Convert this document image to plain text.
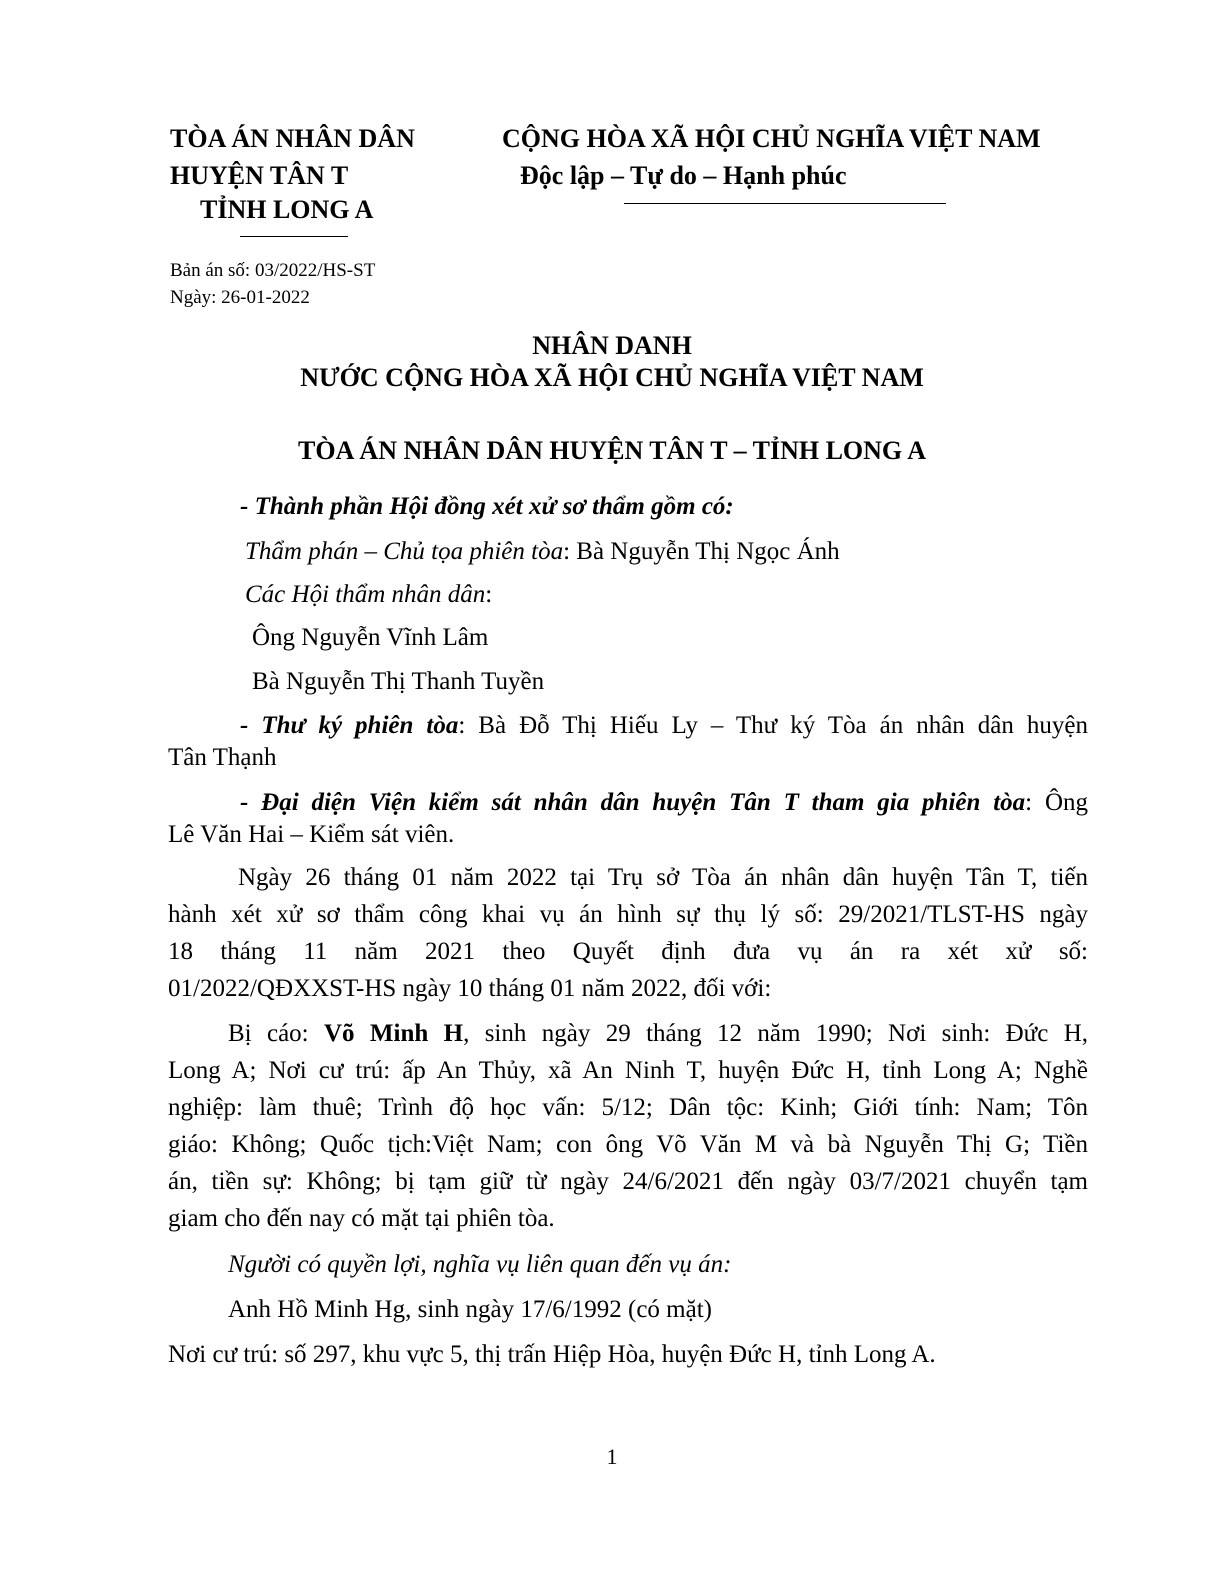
TÒA ÁN NHÂN DÂN
HUYỆN TÂN T
TỈNH LONG A
CỘNG HÒA XÃ HỘI CHỦ NGHĨA VIỆT NAM
Độc lập – Tự do – Hạnh phúc
Bản án số: 03/2022/HS-ST
Ngày: 26-01-2022
NHÂN DANH
NƯỚC CỘNG HÒA XÃ HỘI CHỦ NGHĨA VIỆT NAM
TÒA ÁN NHÂN DÂN HUYỆN TÂN T – TỈNH LONG A
- Thành phần Hội đồng xét xử sơ thẩm gồm có:
Thẩm phán – Chủ tọa phiên tòa: Bà Nguyễn Thị Ngọc Ánh
Các Hội thẩm nhân dân:
Ông Nguyễn Vĩnh Lâm
Bà Nguyễn Thị Thanh Tuyền
- Thư ký phiên tòa: Bà Đỗ Thị Hiếu Ly – Thư ký Tòa án nhân dân huyện
Tân Thạnh
- Đại diện Viện kiểm sát nhân dân huyện Tân T tham gia phiên tòa: Ông
Lê Văn Hai – Kiểm sát viên.
Ngày 26 tháng 01 năm 2022 tại Trụ sở Tòa án nhân dân huyện Tân T, tiến
hành xét xử sơ thẩm công khai vụ án hình sự thụ lý số: 29/2021/TLST-HS ngày
18 tháng 11 năm 2021 theo Quyết định đưa vụ án ra xét xử số:
01/2022/QĐXXST-HS ngày 10 tháng 01 năm 2022, đối với:
Bị cáo: Võ Minh H, sinh ngày 29 tháng 12 năm 1990; Nơi sinh: Đức H,
Long A; Nơi cư trú: ấp An Thủy, xã An Ninh T, huyện Đức H, tỉnh Long A; Nghề
nghiệp: làm thuê; Trình độ học vấn: 5/12; Dân tộc: Kinh; Giới tính: Nam; Tôn
giáo: Không; Quốc tịch:Việt Nam; con ông Võ Văn M và bà Nguyễn Thị G; Tiền
án, tiền sự: Không; bị tạm giữ từ ngày 24/6/2021 đến ngày 03/7/2021 chuyển tạm
giam cho đến nay có mặt tại phiên tòa.
Người có quyền lợi, nghĩa vụ liên quan đến vụ án:
Anh Hồ Minh Hg, sinh ngày 17/6/1992 (có mặt)
Nơi cư trú: số 297, khu vực 5, thị trấn Hiệp Hòa, huyện Đức H, tỉnh Long A.
1
